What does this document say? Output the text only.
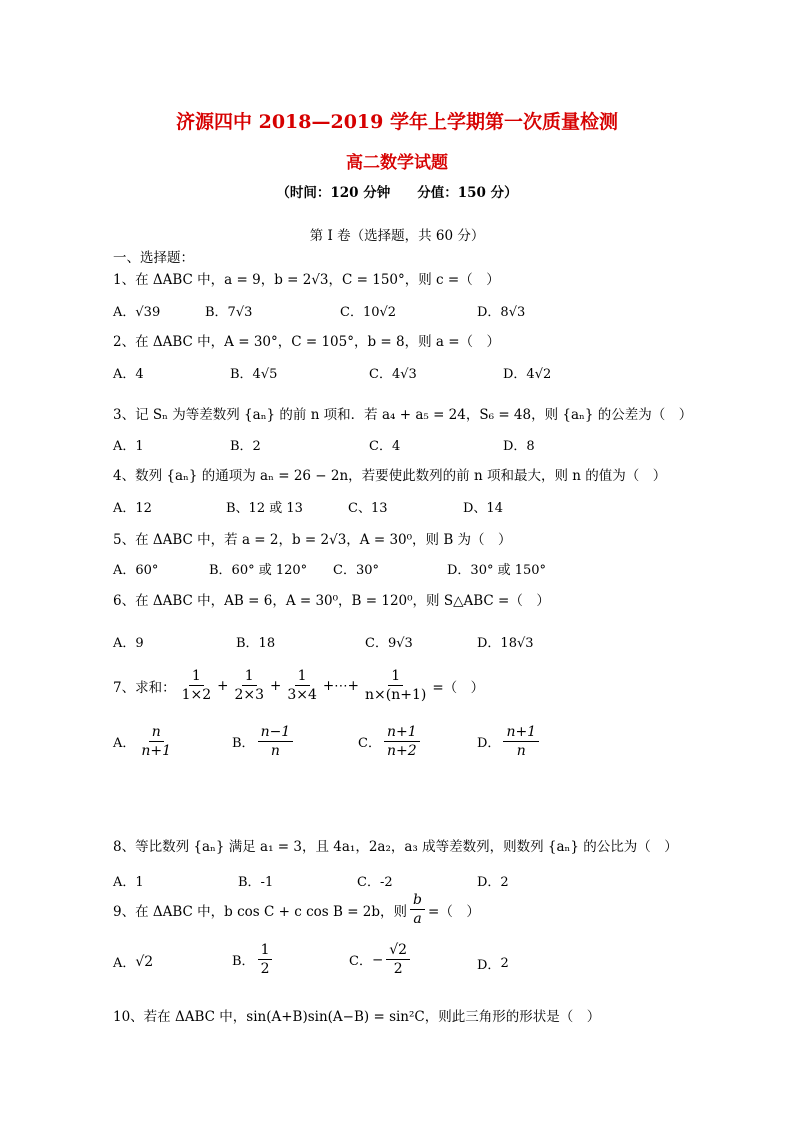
济源四中 2018—2019 学年上学期第一次质量检测
高二数学试题
（时间：120 分钟　　分值：150 分）
第 I 卷（选择题，共 60 分）
一、选择题：
1、在 ΔABC 中，a = 9，b = 2√3，C = 150°，则 c =（　）
A．√39	B．7√3	C．10√2	D．8√3
2、在 ΔABC 中，A = 30°，C = 105°，b = 8，则 a =（　）
A．4	B．4√5	C．4√3	D．4√2
3、记 Sₙ 为等差数列 {aₙ} 的前 n 项和．若 a₄ + a₅ = 24，S₆ = 48，则 {aₙ} 的公差为（　）
A．1	B．2	C．4	D．8
4、数列 {aₙ} 的通项为 aₙ = 26 − 2n，若要使此数列的前 n 项和最大，则 n 的值为（　）
A．12	B、12 或 13	C、13	D、14
5、在 ΔABC 中，若 a = 2，b = 2√3，A = 30⁰，则 B 为（　）
A．60°	B．60° 或 120° C．30°	D．30° 或 150°
6、在 ΔABC 中，AB = 6，A = 30⁰，B = 120⁰，则 S△ABC =（　）
A．9	B．18	C．9√3	D．18√3
7、求和： $\frac{1}{1\times 2} + \frac{1}{2\times 3} + \frac{1}{3\times 4}$ +⋯+ $\frac{1}{n\times(n+1)}$ =（　）
A． $\frac{n}{n+1}$	B． $\frac{n-1}{n}$	C． $\frac{n+1}{n+2}$	D． $\frac{n+1}{n}$
8、等比数列 {aₙ} 满足 a₁ = 3，且 4a₁，2a₂，a₃ 成等差数列，则数列 {aₙ} 的公比为（　）
A．1	B．-1	C．-2	D．2
9、在 ΔABC 中，b cos C + c cos B = 2b，则 $\frac{b}{a}$ =（　）
A． √2	B． $\frac{1}{2}$	C． − $\frac{√2}{2}$	D． 2
10、若在 ΔABC 中，sin(A+B)sin(A−B) = sin²C，则此三角形的形状是（　）
